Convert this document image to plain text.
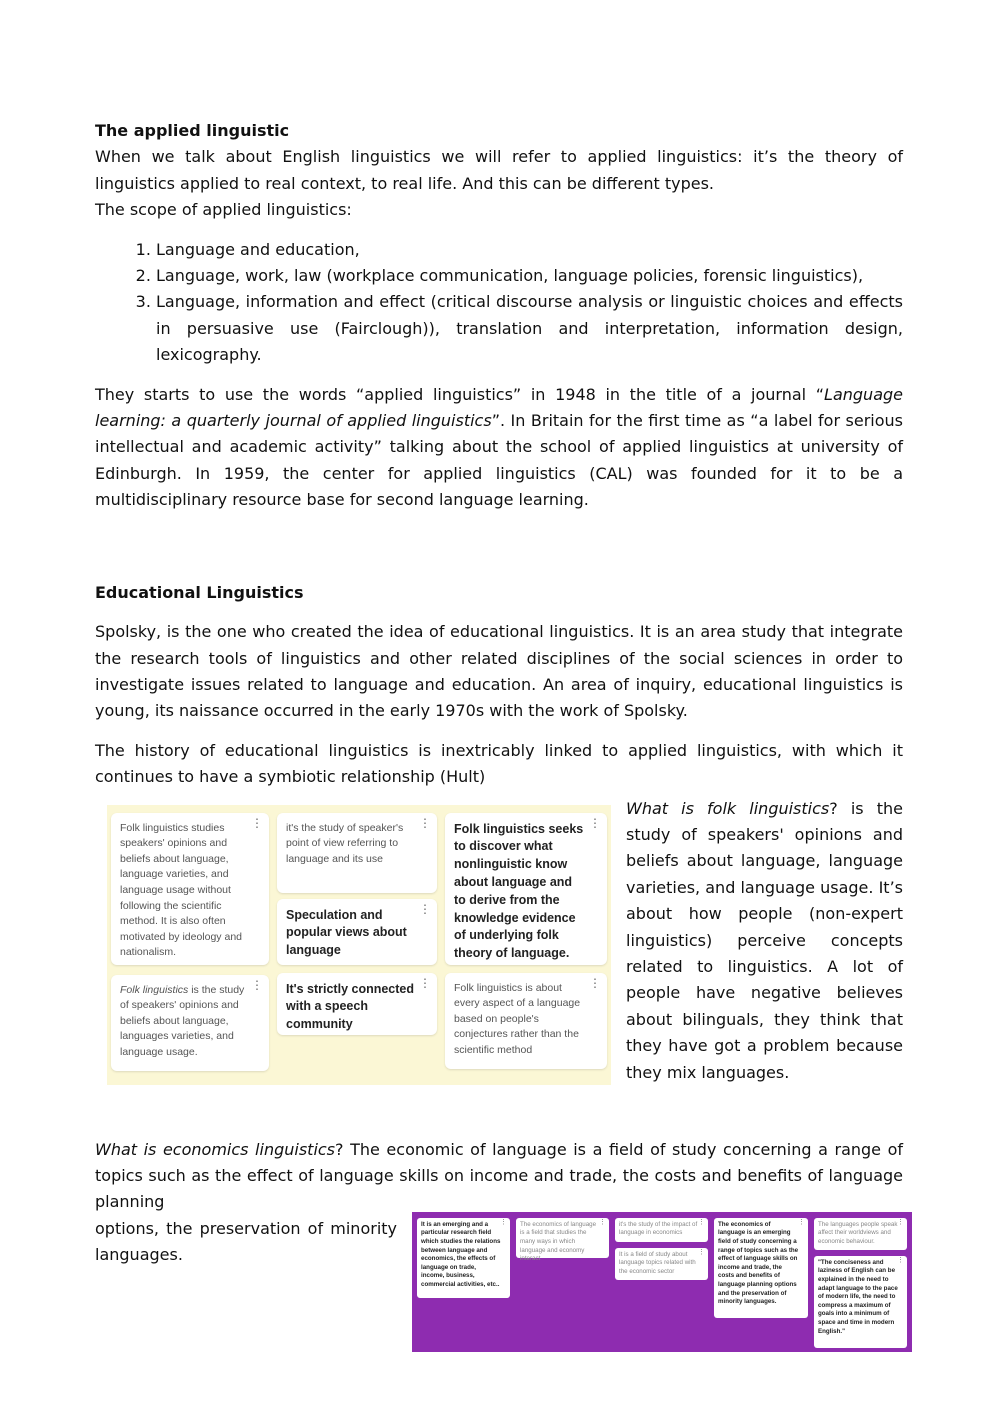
The applied linguistic

When we talk about English linguistics we will refer to applied linguistics: it’s the theory of linguistics applied to real context, to real life. And this can be different types.

The scope of applied linguistics:

1. Language and education,
2. Language, work, law (workplace communication, language policies, forensic linguistics),
3. Language, information and effect (critical discourse analysis or linguistic choices and effects in persuasive use (Fairclough)), translation and interpretation, information design, lexicography.

They starts to use the words “applied linguistics” in 1948 in the title of a journal “Language learning: a quarterly journal of applied linguistics”. In Britain for the first time as “a label for serious intellectual and academic activity” talking about the school of applied linguistics at university of Edinburgh. In 1959, the center for applied linguistics (CAL) was founded for it to be a multidisciplinary resource base for second language learning.

Educational Linguistics

Spolsky, is the one who created the idea of educational linguistics. It is an area study that integrate the research tools of linguistics and other related disciplines of the social sciences in order to investigate issues related to language and education. An area of inquiry, educational linguistics is young, its naissance occurred in the early 1970s with the work of Spolsky.

The history of educational linguistics is inextricably linked to applied linguistics, with which it continues to have a symbiotic relationship (Hult)

⋮
Folk linguistics studies speakers' opinions and beliefs about language, language varieties, and language usage without following the scientific method. It is also often motivated by ideology and nationalism.
⋮
Folk linguistics is the study of speakers' opinions and beliefs about language, languages varieties, and language usage.
⋮
it's the study of speaker's point of view referring to language and its use
⋮
Speculation and popular views about language
⋮
It's strictly connected with a speech community
⋮
Folk linguistics seeks to discover what nonlinguistic know about language and to derive from the knowledge evidence of underlying folk theory of language.
⋮
Folk linguistics is about every aspect of a language based on people's conjectures rather than the scientific method
What is folk linguistics? is the study of speakers' opinions and beliefs about language, language varieties, and language usage. It’s about how people (non-expert linguistics) perceive concepts related to linguistics. A lot of people have negative believes about bilinguals, they think that they have got a problem because they mix languages.

What is economics linguistics? The economic of language is a field of study concerning a range of topics such as the effect of language skills on income and trade, the costs and benefits of language planning

options, the preservation of minority languages.
⋮
It is an emerging and a particular research field which studies the relations between language and economics, the effects of language on trade, income, business, commercial activities, etc..
⋮
The economics of language is a field that studies the many ways in which language and economy interact
⋮
it's the study of the impact of language in economics
⋮
It is a field of study about language topics related with the economic sector
⋮
The economics of language is an emerging field of study concerning a range of topics such as the effect of language skills on income and trade, the costs and benefits of language planning options and the preservation of minority languages.
⋮
The languages people speak affect their worldviews and economic behaviour.
⋮
"The conciseness and laziness of English can be explained in the need to adapt language to the pace of modern life, the need to compress a maximum of goals into a minimum of space and time in modern English."
